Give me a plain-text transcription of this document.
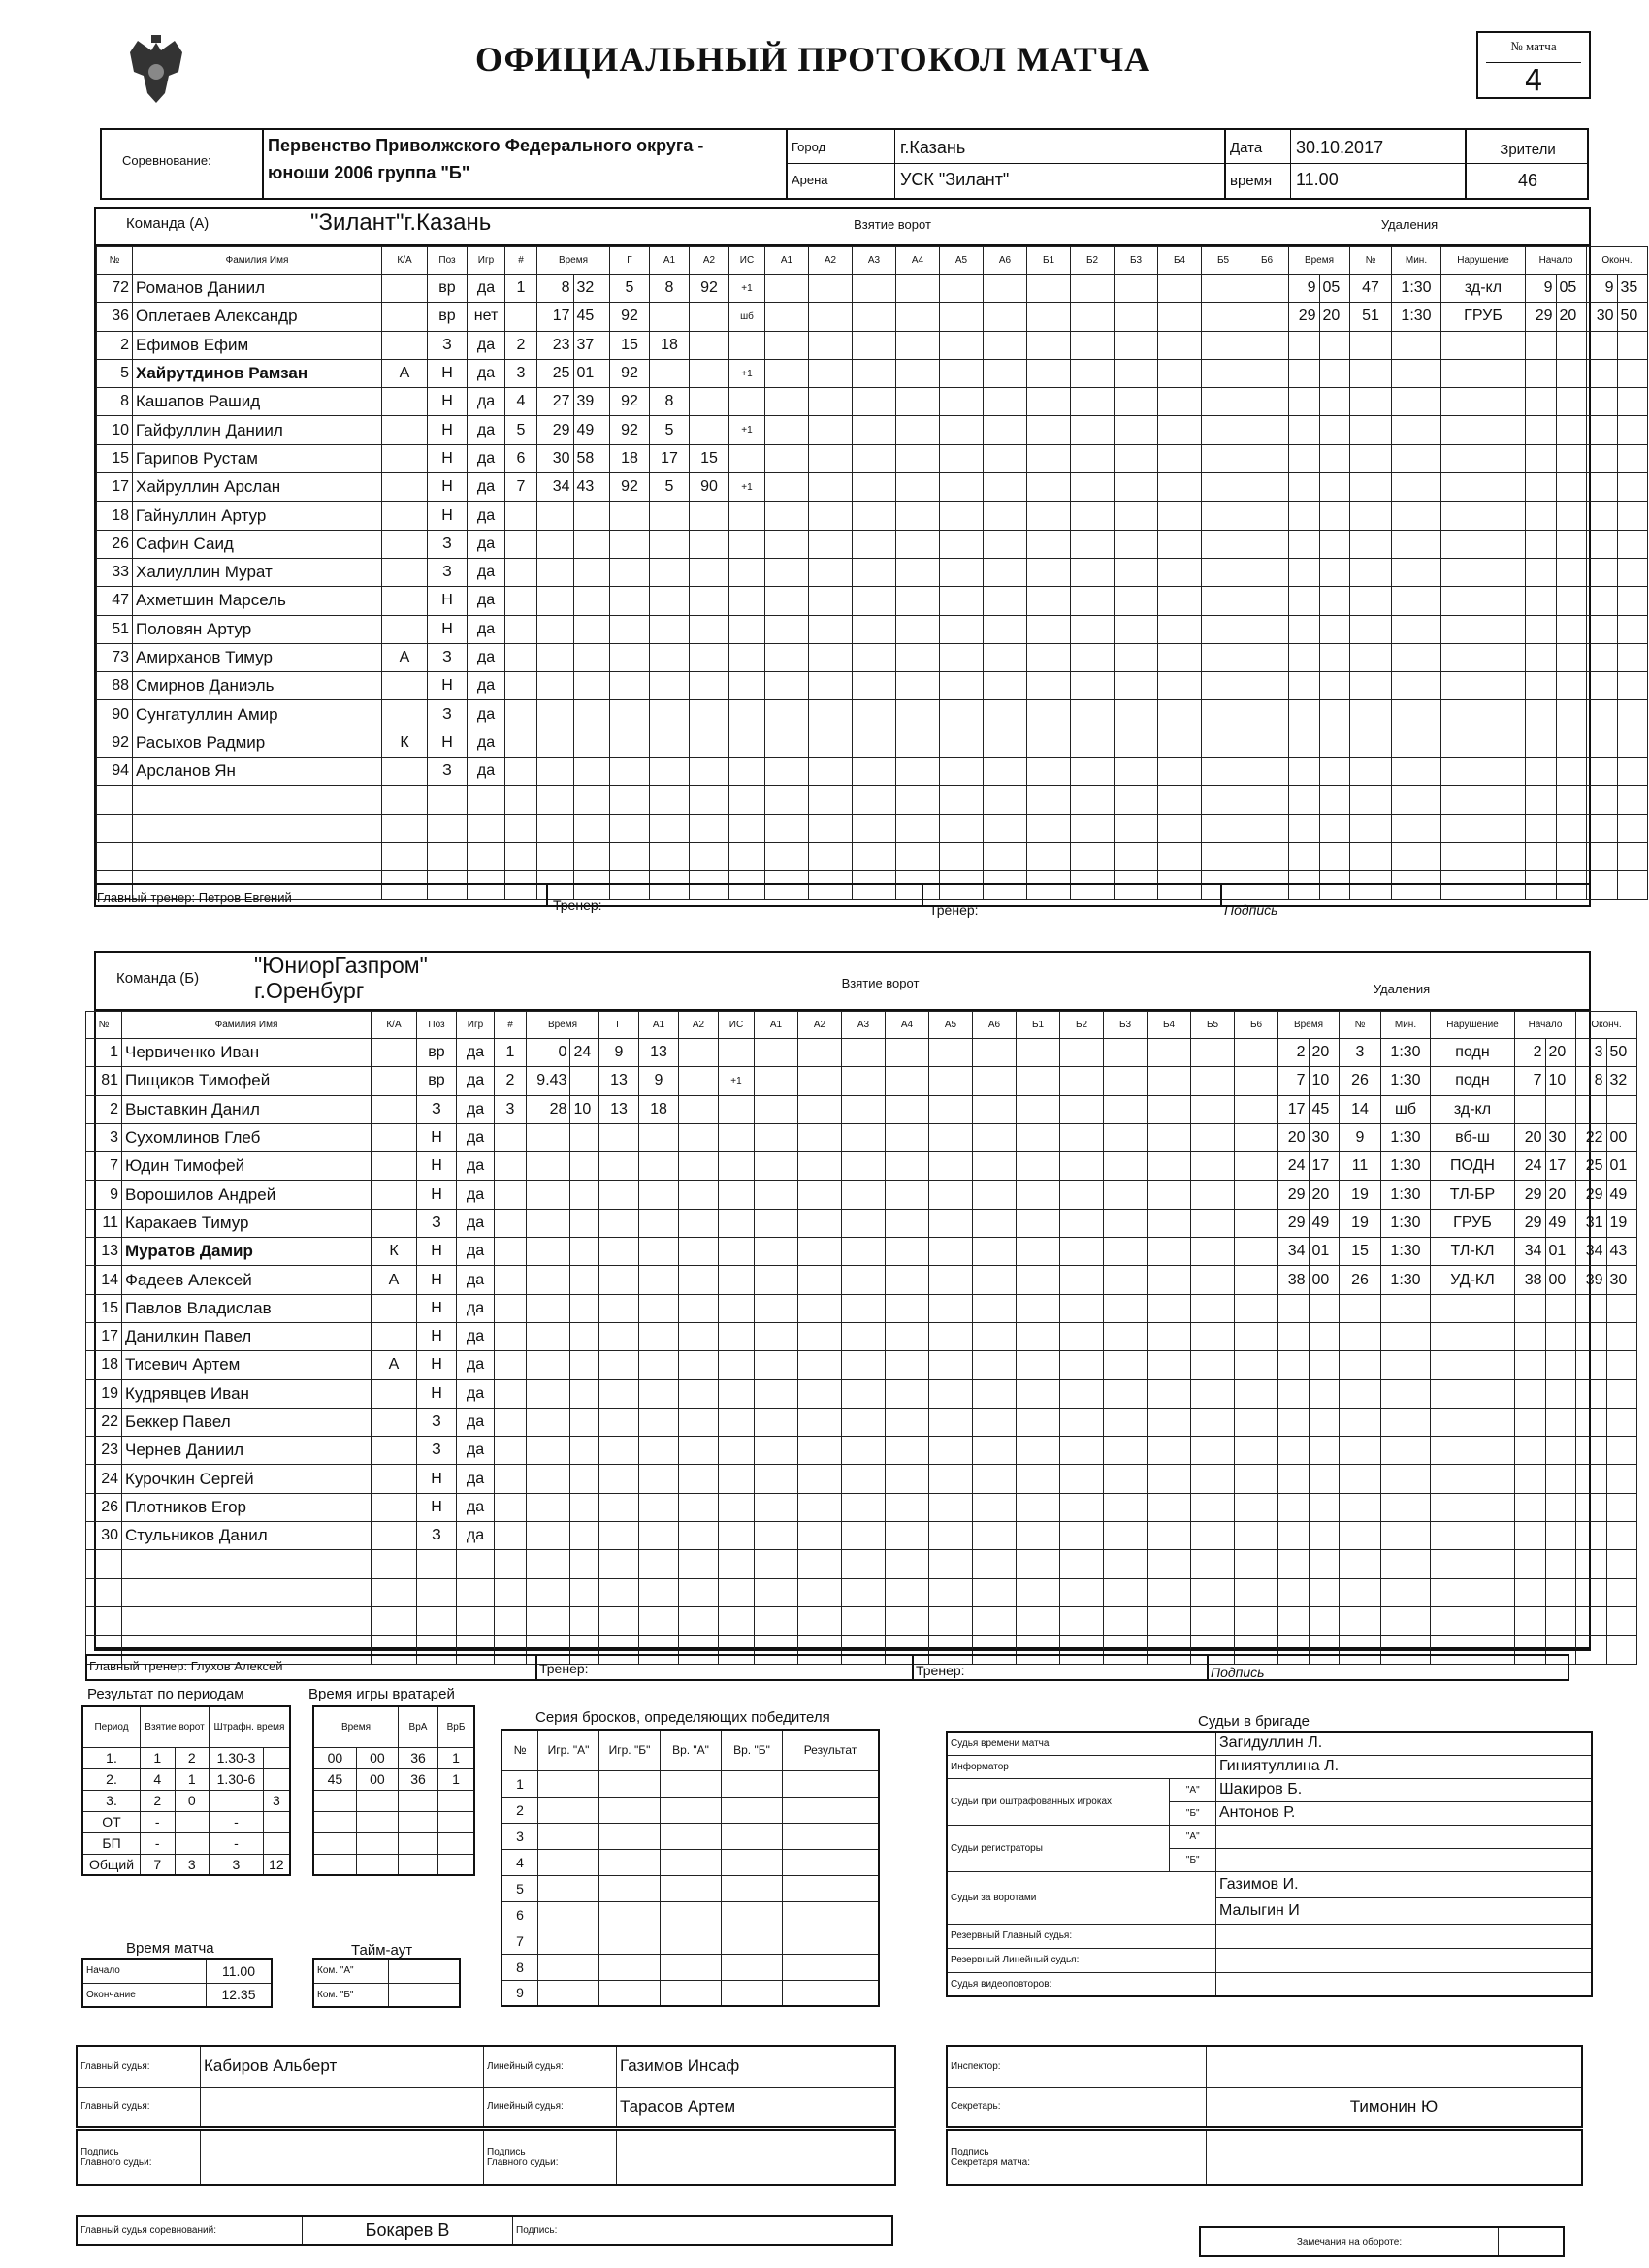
ОФИЦИАЛЬНЫЙ ПРОТОКОЛ МАТЧА	№ матча
4
Соревнование:
Первенство Приволжского Федерального округа -
юноши 2006 группа "Б"
Город	г.Казань
Арена	УСК "Зилант"
Дата 30.10.2017
время 11.00
Зрители
46
Команда (А)	"Зилант"г.Казань	Взятие ворот	Удаления
№	Фамилия Имя	К/А	Поз	Игр	#	Время		Г	А1	А2	ИС	А1	А2	А3	А4	А5	А6	Б1	Б2	Б3	Б4	Б5	Б6	Время		№	Мин.	Нарушение	Начало		Оконч.	
72	Романов Даниил		вр	да	1	8	32	5	8	92	+1													9	05	47	1:30	зд-кл	9	05	9	35
36	Оплетаев Александр		вр	нет		17	45	92			шб													29	20	51	1:30	ГРУБ	29	20	30	50
2	Ефимов Ефим		З	да	2	23	37	15	18																							
5	Хайрутдинов Рамзан	А	Н	да	3	25	01	92			+1																					
8	Кашапов Рашид		Н	да	4	27	39	92	8																							
10	Гайфуллин Даниил		Н	да	5	29	49	92	5		+1																					
15	Гарипов Рустам		Н	да	6	30	58	18	17	15																						
17	Хайруллин Арслан		Н	да	7	34	43	92	5	90	+1																					
18	Гайнуллин Артур		Н	да																												
26	Сафин Саид		З	да																												
33	Халиуллин Мурат		З	да																												
47	Ахметшин Марсель		Н	да																												
51	Половян Артур		Н	да																												
73	Амирханов Тимур	А	З	да																												
88	Смирнов Даниэль		Н	да																												
90	Сунгатуллин Амир		З	да																												
92	Расыхов Радмир	К	Н	да																												
94	Арсланов Ян		З	да																												

Главный тренер: Петров Евгений	Тренер:	Тренер:	Подпись
Команда (Б)
"ЮниорГазпром"
г.Оренбург	Взятие ворот	Удаления
№	Фамилия Имя	К/А	Поз	Игр	#	Время		Г	А1	А2	ИС	А1	А2	А3	А4	А5	А6	Б1	Б2	Б3	Б4	Б5	Б6	Время		№	Мин.	Нарушение	Начало		Оконч.	
1	Червиченко Иван		вр	да	1	0	24	9	13															2	20	3	1:30	подн	2	20	3	50
81	Пищиков Тимофей		вр	да	2	9.43		13	9		+1													7	10	26	1:30	подн	7	10	8	32
2	Выставкин Данил		З	да	3	28	10	13	18															17	45	14	шб	зд-кл				
3	Сухомлинов Глеб		Н	да																				20	30	9	1:30	вб-ш	20	30	22	00
7	Юдин Тимофей		Н	да																				24	17	11	1:30	ПОДН	24	17	25	01
9	Ворошилов Андрей		Н	да																				29	20	19	1:30	ТЛ-БР	29	20	29	49
11	Каракаев Тимур		З	да																				29	49	19	1:30	ГРУБ	29	49	31	19
13	Муратов Дамир	К	Н	да																				34	01	15	1:30	ТЛ-КЛ	34	01	34	43
14	Фадеев Алексей	А	Н	да																				38	00	26	1:30	УД-КЛ	38	00	39	30
15	Павлов Владислав		Н	да																												
17	Данилкин Павел		Н	да																												
18	Тисевич Артем	А	Н	да																												
19	Кудрявцев Иван		Н	да																												
22	Беккер Павел		З	да																												
23	Чернев Даниил		З	да																												
24	Курочкин Сергей		Н	да																												
26	Плотников Егор		Н	да																												
30	Стульников Данил		З	да																												

Главный тренер: Глухов Алексей	Тренер:	Тренер:	Подпись
Результат по периодам
Период	Взятие ворот		Штрафн. время	
1.	1	2	1.30-3	
2.	4	1	1.30-6	
3.	2	0		3
ОТ	-		-	
БП	-		-	
Общий	7	3	3	12
Время игры вратарей
Время		ВрА	ВрБ
00	00	36	1
45	00	36	1

Время матча
Начало	11.00
Окончание	12.35
Тайм-аут
Ком. "А"	
Ком. "Б"	
Серия бросков, определяющих победителя
№	Игр. "А"	Игр. "Б"	Вр. "А"	Вр. "Б"	Результат
1					
2					
3					
4					
5					
6					
7					
8					
9					
Судьи в бригаде
Судья времени матча		Загидуллин Л.
Информатор		Гиниятуллина Л.
Судьи при оштрафованных игроках	"А"	Шакиров Б.
	"Б"	Антонов Р.
Судьи регистраторы	"А"	
	"Б"	
Судьи за воротами		Газимов И.
		Малыгин И
Резервный Главный судья:		
Резервный Линейный судья:		
Судья видеоповторов:		
Главный судья:	Кабиров Альберт	Линейный судья:	Газимов Инсаф
Главный судья:		Линейный судья:	Тарасов Артем
Инспектор:	
Секретарь:	Тимонин Ю
Подпись
Главного судьи:		Подпись
Главного судьи:	
Подпись
Секретаря матча:	
Главный судья соревнований:	Бокарев В	Подпись:
Замечания на обороте:	
